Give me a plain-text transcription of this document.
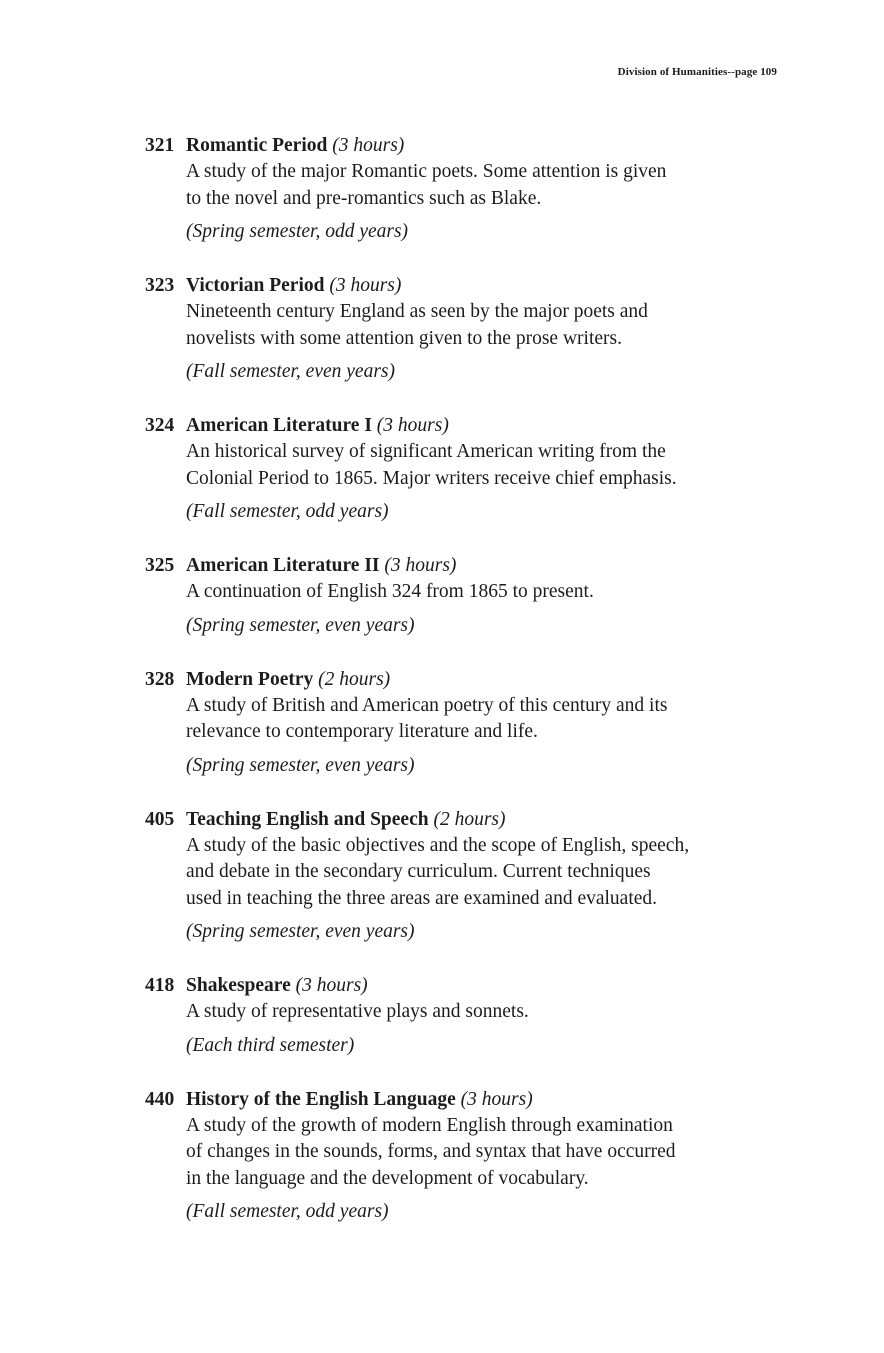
Division of Humanities--page 109
321 Romantic Period (3 hours)
A study of the major Romantic poets. Some attention is given
to the novel and pre-romantics such as Blake.
(Spring semester, odd years)
323 Victorian Period (3 hours)
Nineteenth century England as seen by the major poets and
novelists with some attention given to the prose writers.
(Fall semester, even years)
324 American Literature I (3 hours)
An historical survey of significant American writing from the
Colonial Period to 1865. Major writers receive chief emphasis.
(Fall semester, odd years)
325 American Literature II (3 hours)
A continuation of English 324 from 1865 to present.
(Spring semester, even years)
328 Modern Poetry (2 hours)
A study of British and American poetry of this century and its
relevance to contemporary literature and life.
(Spring semester, even years)
405 Teaching English and Speech (2 hours)
A study of the basic objectives and the scope of English, speech,
and debate in the secondary curriculum. Current techniques
used in teaching the three areas are examined and evaluated.
(Spring semester, even years)
418 Shakespeare (3 hours)
A study of representative plays and sonnets.
(Each third semester)
440 History of the English Language (3 hours)
A study of the growth of modern English through examination
of changes in the sounds, forms, and syntax that have occurred
in the language and the development of vocabulary.
(Fall semester, odd years)
